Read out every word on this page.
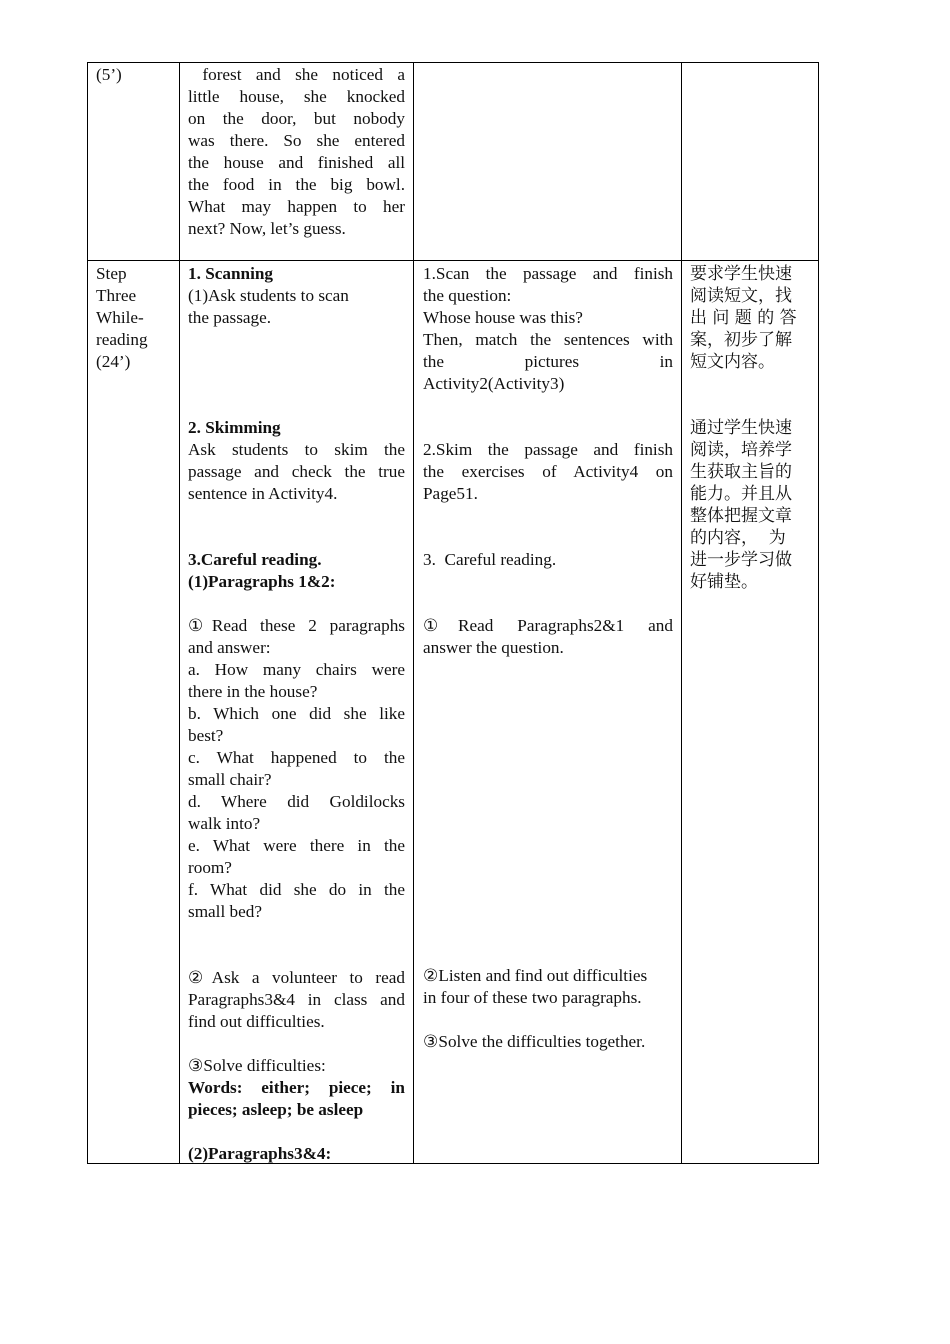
(5’)	forest and she noticed a
little house, she knocked
on the door, but nobody
was there. So she entered
the house and finished all
the food in the big bowl.
What may happen to her
next? Now, let’s guess.
Step
Three
While-
reading
(24’)
1. Scanning
(1)Ask students to scan
the passage.
2. Skimming
Ask students to skim the
passage and check the true
sentence in Activity4.
3.Careful reading.
(1)Paragraphs 1&2:
①Read these 2 paragraphs
and answer:
a. How many chairs were
there in the house?
b. Which one did she like
best?
c. What happened to the
small chair?
d. Where did Goldilocks
walk into?
e. What were there in the
room?
f. What did she do in the
small bed?
②Ask a volunteer to read
Paragraphs3&4 in class and
find out difficulties.
③Solve difficulties:
Words: either; piece; in
pieces; asleep; be asleep
(2)Paragraphs3&4:
1.Scan the passage and finish
the question:
Whose house was this?
Then, match the sentences with
the pictures in
Activity2(Activity3)
2.Skim the passage and finish
the exercises of Activity4 on
Page51.
3.  Careful reading.
①Read Paragraphs2&1 and
answer the question.
②Listen and find out difficulties
in four of these two paragraphs.
③Solve the difficulties together.
要求学生快速
阅读短文，找
出 问 题 的 答
案，初步了解
短文内容。
通过学生快速
阅读，培养学
生获取主旨的
能力。并且从
整体把握文章
的内容，  为
进一步学习做
好铺垫。
